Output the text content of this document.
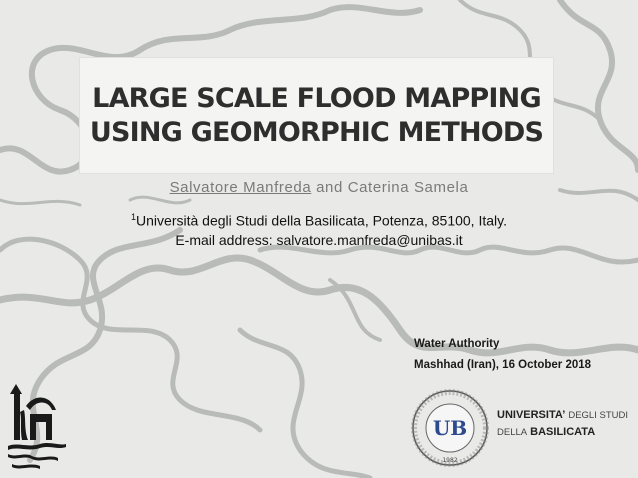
LARGE SCALE FLOOD MAPPING
USING GEOMORPHIC METHODS
Salvatore Manfreda and Caterina Samela
$^1$Università degli Studi della Basilicata, Potenza, 85100, Italy.
E-mail address: salvatore.manfreda@unibas.it
Water Authority
Mashhad (Iran), 16 October 2018
UB
1982
UNIVERSITA’ DEGLI STUDI
DELLA BASILICATA
